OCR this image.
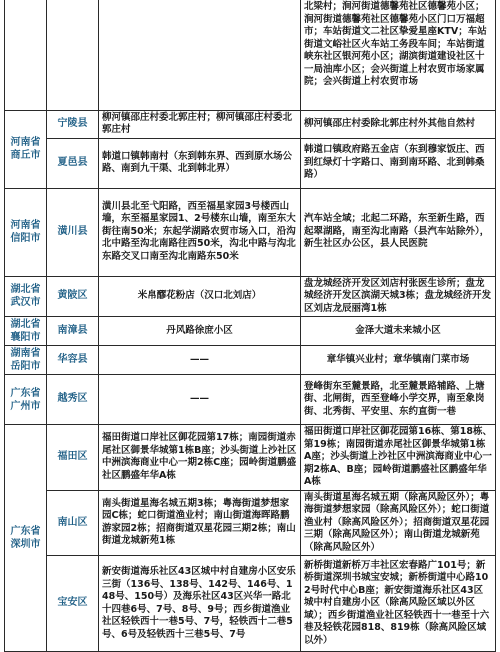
			北梁村；涧河街道德馨苑社区德馨苑小区；涧河街道德馨苑社区德馨苑小区门口万福超市；车站街道文二社区挚爱星座KTV；车站街道文峪社区火车站工务段车间；车站街道峡东社区银河苑小区；湖滨街道建设社区十一局油库小区；会兴街道上村农贸市场家属院；会兴街道上村农贸市场
河南省商丘市	宁陵县	柳河镇邵庄村委北郭庄村；柳河镇邵庄村委北郭庄村	柳河镇邵庄村委除北郭庄村外其他自然村
	夏邑县	韩道口镇韩南村（东到韩东界、西到原水场公路、南到九干渠、北到韩北界）	韩道口镇政府路五金店（东到穆家饭庄、西到红绿灯十字路口、南到南环路、北到韩桑路）
河南省信阳市	潢川县	潢川县北至弋阳路，西至福星家园3号楼西山墙，东至福星家园1、2号楼东山墙，南至东大街往南50米；东起学湖路农贸市场入口，沿沟北中路至沟北南路往西50米，沟北中路与沟北东路交叉口南至沟北南路东50米	汽车站全域；北起二环路，东至新生路，西起翠湖路，南至沟北南路（县汽车站除外），新生社区办公区，县人民医院
湖北省武汉市	黄陂区	米帛醪花粉店（汉口北刘店）	盘龙城经济开发区刘店村张医生诊所；盘龙城经济开发区滨湖天城3栋；盘龙城经济开发区刘店龙辰丽湾1栋
湖北省襄阳市	南漳县	丹风路徐庶小区	金泽大道未来城小区
湖南省岳阳市	华容县	——	章华镇兴业村；章华镇南门菜市场
广东省广州市	越秀区	——	登峰街东至麓景路，北至麓景路辅路、上塘街、北闸街，西至登峰小学交界，南至象岗街、北秀街、平安里、东约直街一巷
广东省深圳市	福田区	福田街道口岸社区御花园第17栋；南园街道赤尾社区御景华城第1栋B座；沙头街道上沙社区中洲滨海商业中心一期2栋C座；园岭街道鹏盛社区鹏盛年华A栋	福田街道口岸社区御花园第16栋、第18栋、第19栋；南园街道赤尾社区御景华城第1栋A座；沙头街道上沙社区中洲滨海商业中心一期2栋A、B座；园岭街道鹏盛社区鹏盛年华A栋
	南山区	南头街道星海名城五期3栋；粤海街道梦想家园C栋；蛇口街道渔业村；南山街道海晖路鹏游家园2栋；招商街道双星花园三期2栋；南山街道龙城新苑1栋	南头街道星海名城五期（除高风险区外）；粤海街道梦想家园（除高风险区外）；蛇口街道渔业村（除高风险区外）；招商街道双星花园三期（除高风险区外）；南山街道龙城新苑（除高风险区外）
	宝安区	新安街道海乐社区43区城中村自建房小区安乐三街（136号、138号、142号、146号、148号、150号）及海乐社区43区兴华一路北十四巷6号、7号、8号、9号；西乡街道渔业社区轻铁西十一巷5号、7号，轻铁西十二巷5号、6号及轻铁西十三巷5号、7号	新桥街道新桥万丰社区宏春路广101号；新桥街道深圳书城宝安城；新桥街道中心路102号时代中心B座；新安街道海乐社区43区城中村自建房小区（除高风险区域以外区域）；西乡街道渔业社区轻铁西十一巷至十六巷及轻铁花园818、819栋（除高风险区域以外）
